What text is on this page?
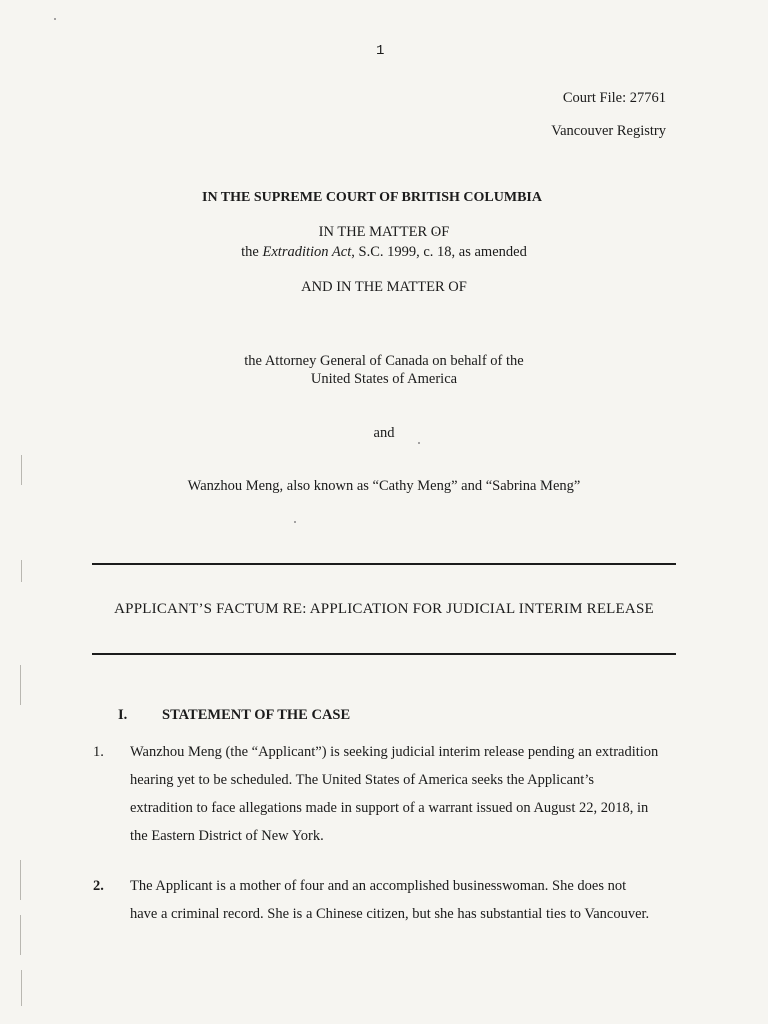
1
Court File: 27761
Vancouver Registry
IN THE SUPREME COURT OF BRITISH COLUMBIA
IN THE MATTER OF
the Extradition Act, S.C. 1999, c. 18, as amended
AND IN THE MATTER OF
the Attorney General of Canada on behalf of the
United States of America
and
Wanzhou Meng, also known as “Cathy Meng” and “Sabrina Meng”
APPLICANT’S FACTUM RE: APPLICATION FOR JUDICIAL INTERIM RELEASE
I. STATEMENT OF THE CASE
1. Wanzhou Meng (the “Applicant”) is seeking judicial interim release pending an extradition
hearing yet to be scheduled. The United States of America seeks the Applicant’s
extradition to face allegations made in support of a warrant issued on August 22, 2018, in
the Eastern District of New York.
2. The Applicant is a mother of four and an accomplished businesswoman. She does not
have a criminal record. She is a Chinese citizen, but she has substantial ties to Vancouver.
